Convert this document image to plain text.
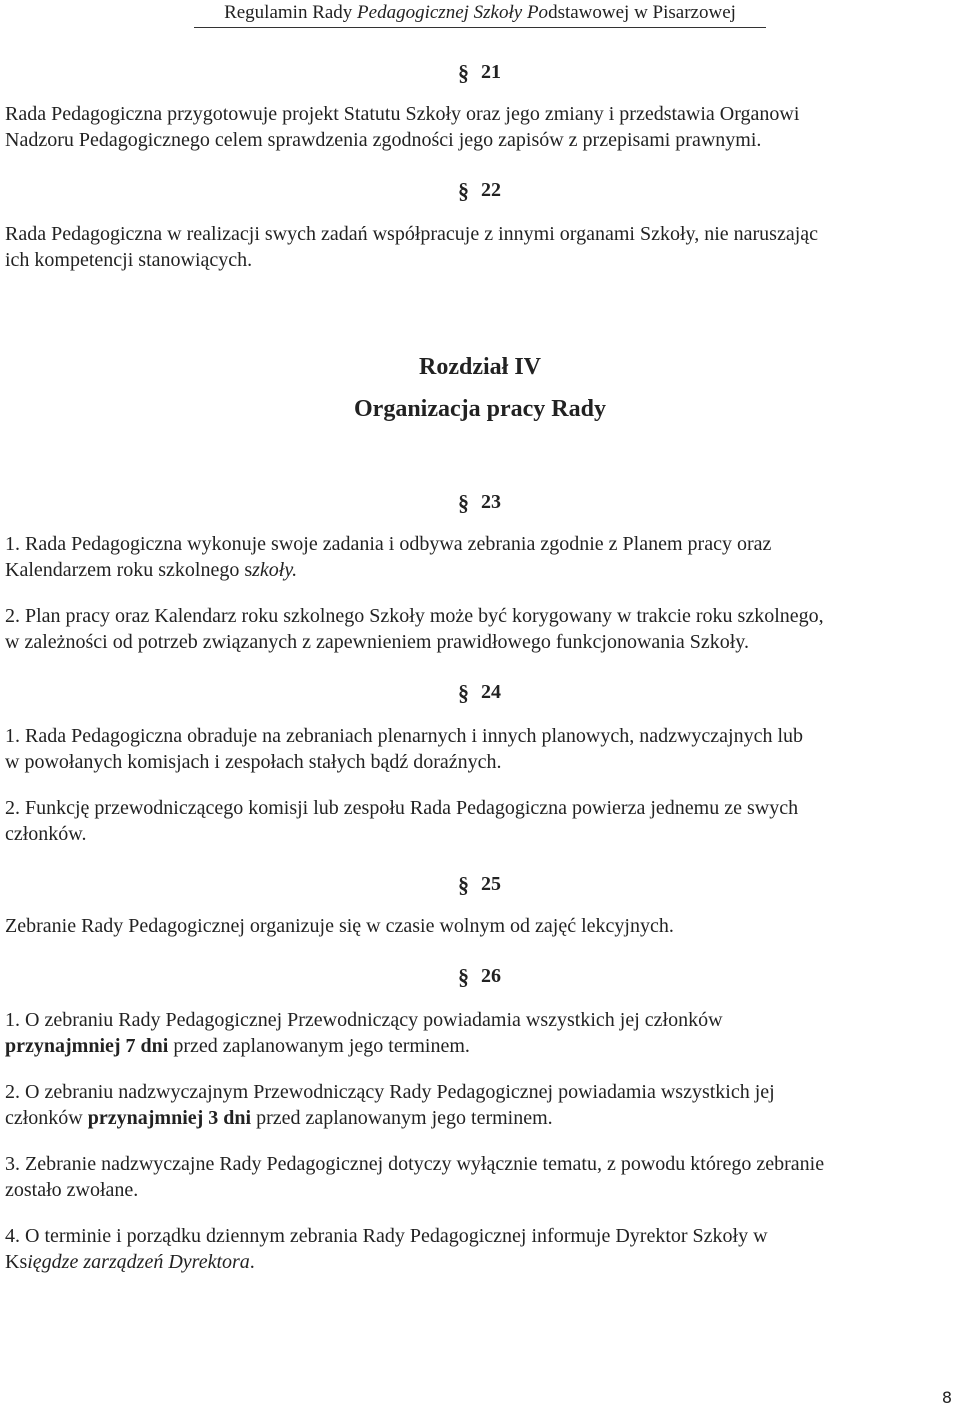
Regulamin Rady Pedagogicznej Szkoły Podstawowej w Pisarzowej
§ 21
Rada Pedagogiczna przygotowuje projekt Statutu Szkoły oraz jego zmiany i przedstawia Organowi
Nadzoru Pedagogicznego celem sprawdzenia zgodności jego zapisów z przepisami prawnymi.
§ 22
Rada Pedagogiczna w realizacji swych zadań współpracuje z innymi organami Szkoły, nie naruszając
ich kompetencji stanowiących.
Rozdział IV
Organizacja pracy Rady
§ 23
1. Rada Pedagogiczna wykonuje swoje zadania i odbywa zebrania zgodnie z Planem pracy oraz
Kalendarzem roku szkolnego szkoły.
2. Plan pracy oraz Kalendarz roku szkolnego Szkoły może być korygowany w trakcie roku szkolnego,
w zależności od potrzeb związanych z zapewnieniem prawidłowego funkcjonowania Szkoły.
§ 24
1. Rada Pedagogiczna obraduje na zebraniach plenarnych i innych planowych, nadzwyczajnych lub
w powołanych komisjach i zespołach stałych bądź doraźnych.
2. Funkcję przewodniczącego komisji lub zespołu Rada Pedagogiczna powierza jednemu ze swych
członków.
§ 25
Zebranie Rady Pedagogicznej organizuje się w czasie wolnym od zajęć lekcyjnych.
§ 26
1. O zebraniu Rady Pedagogicznej Przewodniczący powiadamia wszystkich jej członków
przynajmniej 7 dni przed zaplanowanym jego terminem.
2. O zebraniu nadzwyczajnym Przewodniczący Rady Pedagogicznej powiadamia wszystkich jej
członków przynajmniej 3 dni przed zaplanowanym jego terminem.
3. Zebranie nadzwyczajne Rady Pedagogicznej dotyczy wyłącznie tematu, z powodu którego zebranie
zostało zwołane.
4. O terminie i porządku dziennym zebrania Rady Pedagogicznej informuje Dyrektor Szkoły w
Księgdze zarządzeń Dyrektora.
8
